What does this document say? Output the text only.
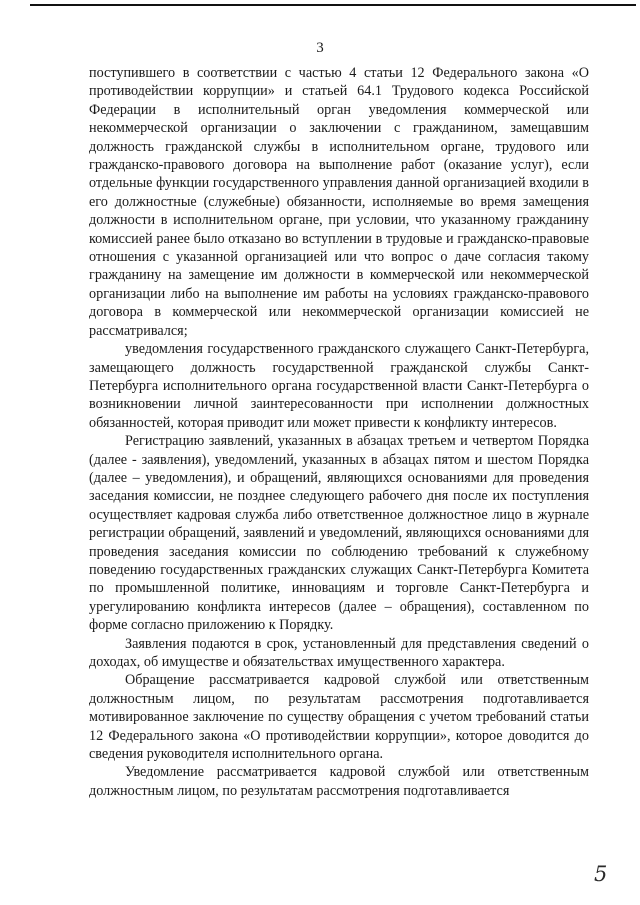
3

поступившего в соответствии с частью 4 статьи 12 Федерального закона «О противодействии коррупции» и статьей 64.1 Трудового кодекса Российской Федерации в исполнительный орган уведомления коммерческой или некоммерческой организации о заключении с гражданином, замещавшим должность гражданской службы в исполнительном органе, трудового или гражданско-правового договора на выполнение работ (оказание услуг), если отдельные функции государственного управления данной организацией входили в его должностные (служебные) обязанности, исполняемые во время замещения должности в исполнительном органе, при условии, что указанному гражданину комиссией ранее было отказано во вступлении в трудовые и гражданско-правовые отношения с указанной организацией или что вопрос о даче согласия такому гражданину на замещение им должности в коммерческой или некоммерческой организации либо на выполнение им работы на условиях гражданско-правового договора в коммерческой или некоммерческой организации комиссией не рассматривался;

уведомления государственного гражданского служащего Санкт-Петербурга, замещающего должность государственной гражданской службы Санкт-Петербурга исполнительного органа государственной власти Санкт-Петербурга о возникновении личной заинтересованности при исполнении должностных обязанностей, которая приводит или может привести к конфликту интересов.

Регистрацию заявлений, указанных в абзацах третьем и четвертом Порядка (далее - заявления), уведомлений, указанных в абзацах пятом и шестом Порядка (далее – уведомления), и обращений, являющихся основаниями для проведения заседания комиссии, не позднее следующего рабочего дня после их поступления осуществляет кадровая служба либо ответственное должностное лицо в журнале регистрации обращений, заявлений и уведомлений, являющихся основаниями для проведения заседания комиссии по соблюдению требований к служебному поведению государственных гражданских служащих Санкт-Петербурга Комитета по промышленной политике, инновациям и торговле Санкт-Петербурга и урегулированию конфликта интересов (далее – обращения), составленном по форме согласно приложению к Порядку.

Заявления подаются в срок, установленный для представления сведений о доходах, об имуществе и обязательствах имущественного характера.

Обращение рассматривается кадровой службой или ответственным должностным лицом, по результатам рассмотрения подготавливается мотивированное заключение по существу обращения с учетом требований статьи 12 Федерального закона «О противодействии коррупции», которое доводится до сведения руководителя исполнительного органа.

Уведомление рассматривается кадровой службой или ответственным должностным лицом, по результатам рассмотрения подготавливается

5
